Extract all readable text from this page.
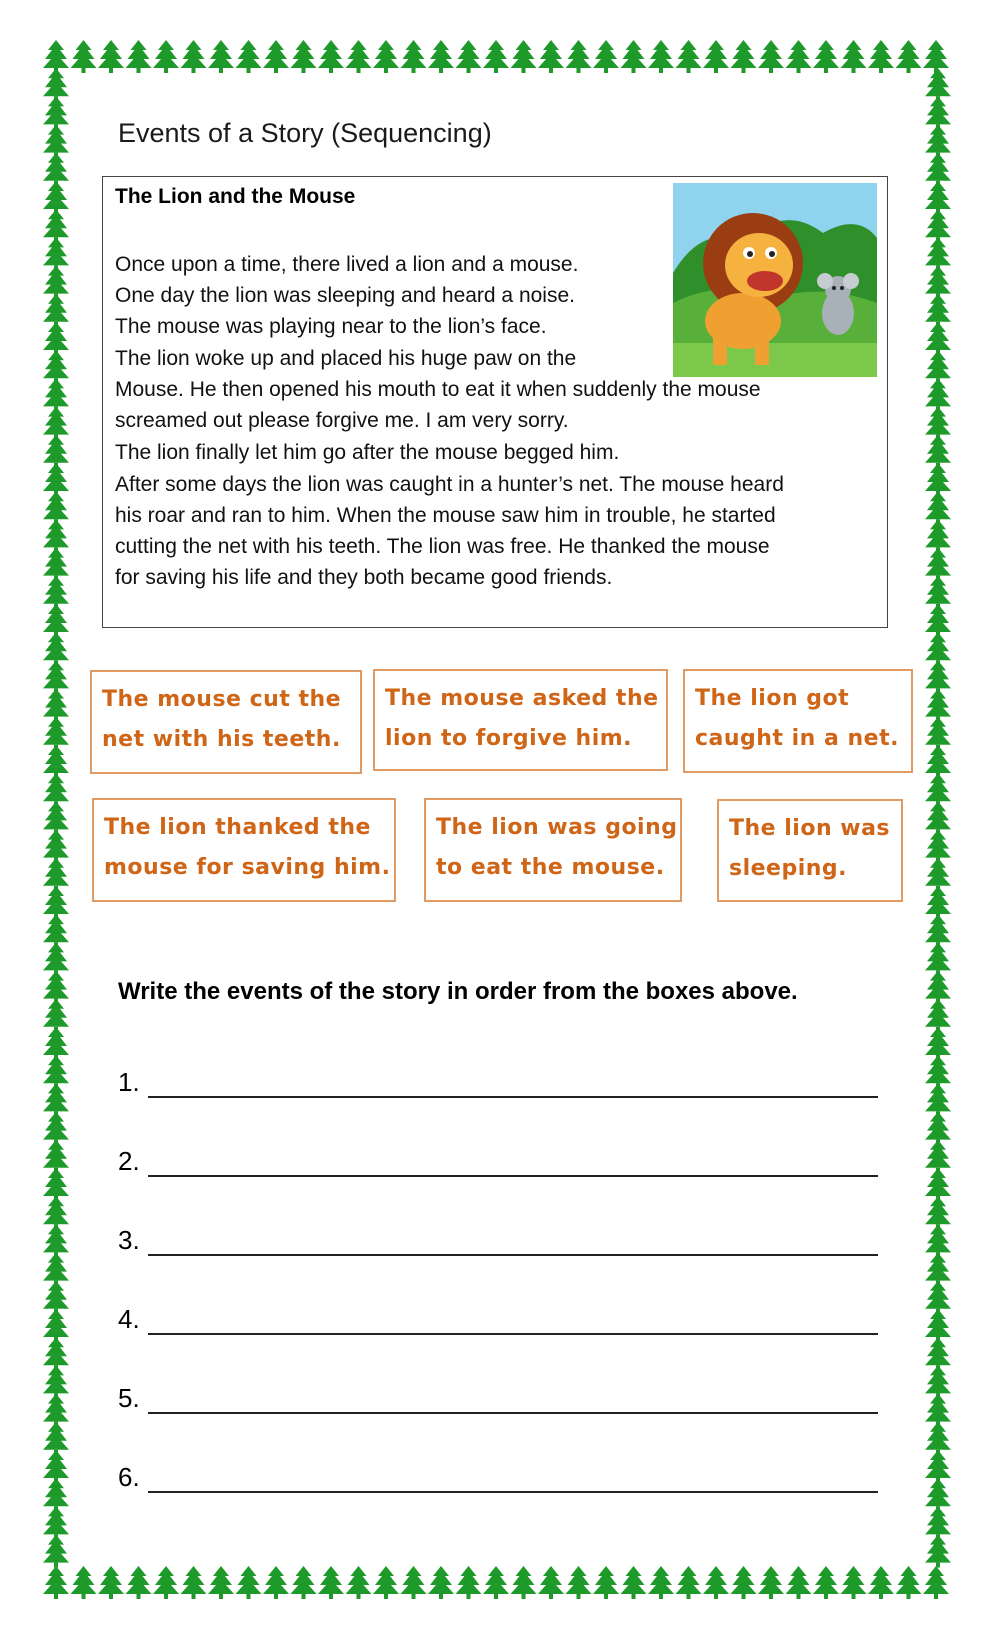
Events of a Story (Sequencing)
The Lion and the Mouse
Once upon a time, there lived a lion and a mouse.
One day the lion was sleeping and heard a noise.
The mouse was playing near to the lion’s face.
The lion woke up and placed his huge paw on the
Mouse. He then opened his mouth to eat it when suddenly the mouse
screamed out please forgive me. I am very sorry.
The lion finally let him go after the mouse begged him.
After some days the lion was caught in a hunter’s net. The mouse heard
his roar and ran to him. When the mouse saw him in trouble, he started
cutting the net with his teeth. The lion was free. He thanked the mouse
for saving his life and they both became good friends.
The mouse cut the
net with his teeth.
The mouse asked the
lion to forgive him.
The lion got
caught in a net.
The lion thanked the
mouse for saving him.
The lion was going
to eat the mouse.
The lion was
sleeping.
Write the events of the story in order from the boxes above.
1.
2.
3.
4.
5.
6.
